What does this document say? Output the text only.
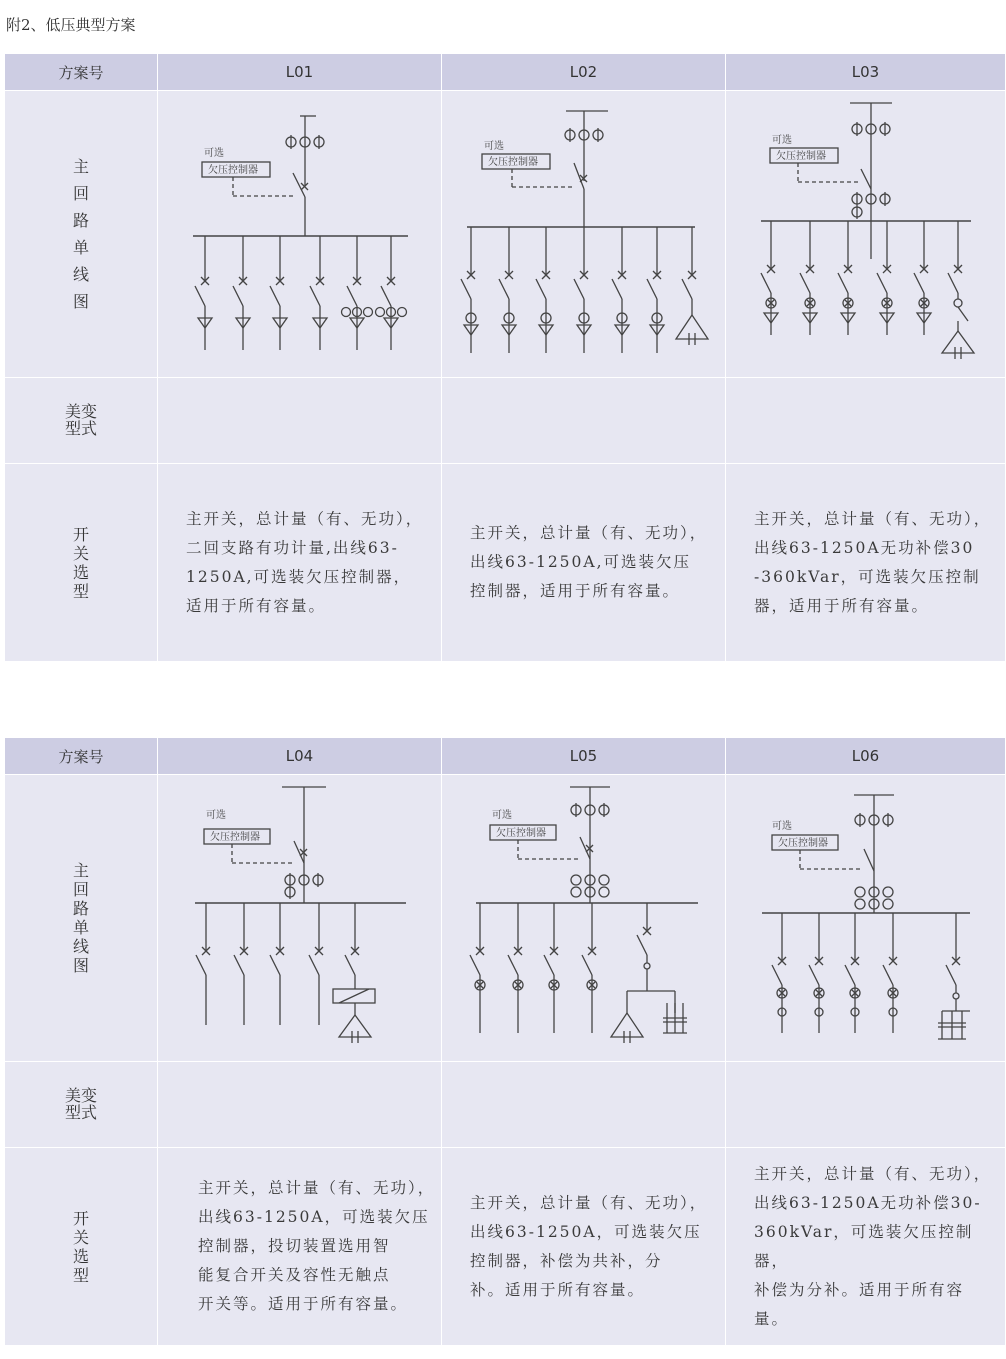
附2、低压典型方案
方案号	L01	L02	L03
主回路单线图	可选
欠压控制器	可选
欠压控制器	可选
欠压控制器

美变型式			
开关选型	主开关，总计量（有、无功），
二回支路有功计量,出线63-
1250A,可选装欠压控制器，
适用于所有容量。	主开关，总计量（有、无功），
出线63-1250A,可选装欠压
控制器，适用于所有容量。	主开关，总计量（有、无功），
出线63-1250A无功补偿30
-360kVar，可选装欠压控制
器，适用于所有容量。
方案号	L04	L05	L06
主回路单线图	可选
欠压控制器	可选
欠压控制器	可选
欠压控制器

美变型式			
开关选型	主开关，总计量（有、无功），
出线63-1250A，可选装欠压
控制器，投切装置选用智
能复合开关及容性无触点
开关等。适用于所有容量。	主开关，总计量（有、无功），
出线63-1250A，可选装欠压
控制器，补偿为共补，分
补。适用于所有容量。	主开关，总计量（有、无功），
出线63-1250A无功补偿30-
360kVar，可选装欠压控制器，
补偿为分补。适用于所有容
量。
